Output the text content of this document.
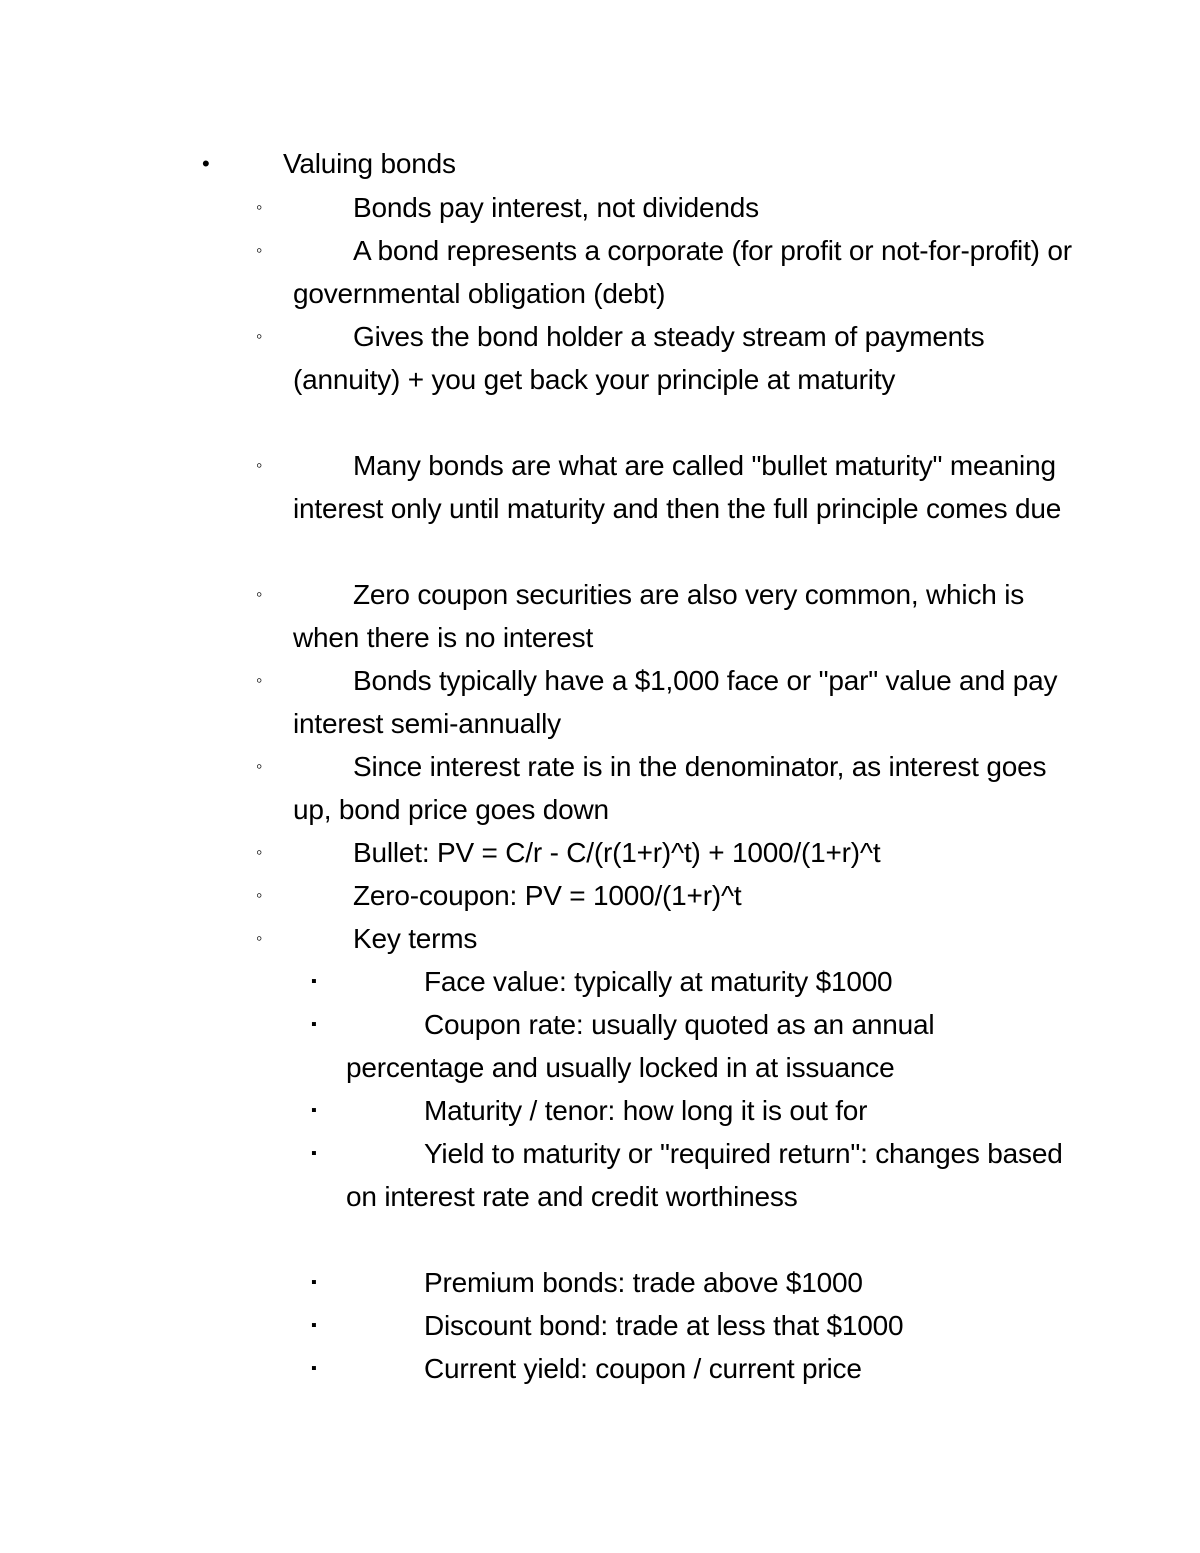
•	Valuing bonds
◦	Bonds pay interest, not dividends
◦	A bond represents a corporate (for profit or not-for-profit) or governmental obligation (debt)
◦	Gives the bond holder a steady stream of payments (annuity) + you get back your principle at maturity
◦	Many bonds are what are called "bullet maturity" meaning interest only until maturity and then the full principle comes due
◦	Zero coupon securities are also very common, which is when there is no interest
◦	Bonds typically have a $1,000 face or "par" value and pay interest semi-annually
◦	Since interest rate is in the denominator, as interest goes up, bond price goes down
◦	Bullet: PV = C/r - C/(r(1+r)^t) + 1000/(1+r)^t
◦	Zero-coupon: PV = 1000/(1+r)^t
◦	Key terms
▪	Face value: typically at maturity $1000
▪	Coupon rate: usually quoted as an annual percentage and usually locked in at issuance
▪	Maturity / tenor: how long it is out for
▪	Yield to maturity or "required return": changes based on interest rate and credit worthiness
▪	Premium bonds: trade above $1000
▪	Discount bond: trade at less that $1000
▪	Current yield: coupon / current price
